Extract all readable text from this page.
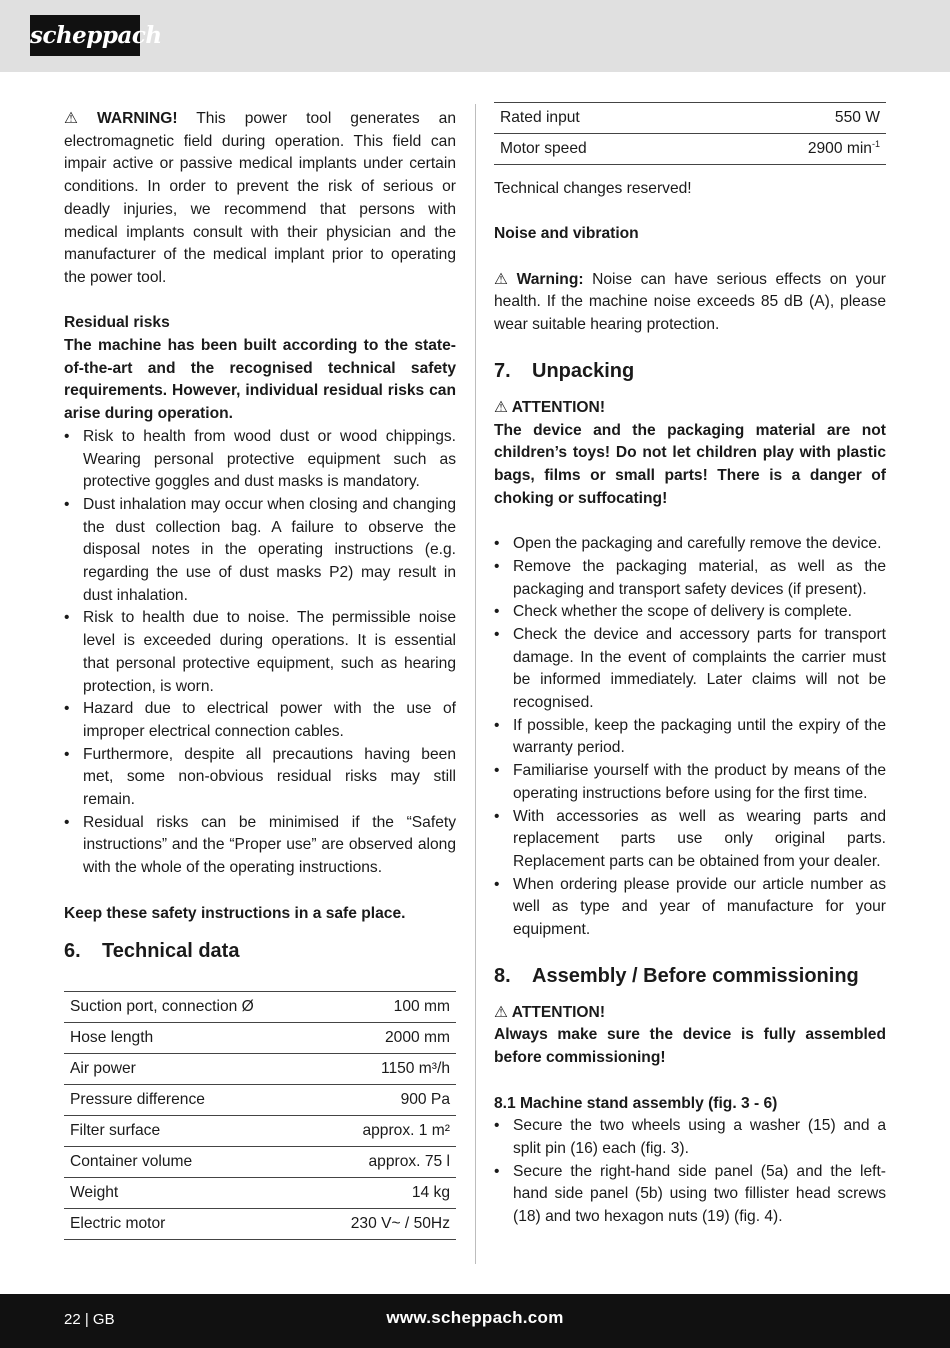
scheppach

⚠ WARNING! This power tool generates an electromagnetic field during operation. This field can impair active or passive medical implants under certain conditions. In order to prevent the risk of serious or deadly injuries, we recommend that persons with medical implants consult with their physician and the manufacturer of the medical implant prior to operating the power tool.

Residual risks

The machine has been built according to the state-of-the-art and the recognised technical safety requirements. However, individual residual risks can arise during operation.

• Risk to health from wood dust or wood chippings. Wearing personal protective equipment such as protective goggles and dust masks is mandatory.
• Dust inhalation may occur when closing and changing the dust collection bag. A failure to observe the disposal notes in the operating instructions (e.g. regarding the use of dust masks P2) may result in dust inhalation.
• Risk to health due to noise. The permissible noise level is exceeded during operations. It is essential that personal protective equipment, such as hearing protection, is worn.
• Hazard due to electrical power with the use of improper electrical connection cables.
• Furthermore, despite all precautions having been met, some non-obvious residual risks may still remain.
• Residual risks can be minimised if the “Safety instructions” and the “Proper use” are observed along with the whole of the operating instructions.

Keep these safety instructions in a safe place.

6. Technical data
Suction port, connection Ø	100 mm
Hose length	2000 mm
Air power	1150 m³/h
Pressure difference	900 Pa
Filter surface	approx. 1 m²
Container volume	approx. 75 l
Weight	14 kg
Electric motor	230 V~ / 50Hz
Rated input	550 W
Motor speed	2900 $\min^{-1}$

Technical changes reserved!

Noise and vibration

⚠ Warning: Noise can have serious effects on your health. If the machine noise exceeds 85 dB (A), please wear suitable hearing protection.

7. Unpacking

⚠ ATTENTION!

The device and the packaging material are not children’s toys! Do not let children play with plastic bags, films or small parts! There is a danger of choking or suffocating!

• Open the packaging and carefully remove the device.
• Remove the packaging material, as well as the packaging and transport safety devices (if present).
• Check whether the scope of delivery is complete.
• Check the device and accessory parts for transport damage. In the event of complaints the carrier must be informed immediately. Later claims will not be recognised.
• If possible, keep the packaging until the expiry of the warranty period.
• Familiarise yourself with the product by means of the operating instructions before using for the first time.
• With accessories as well as wearing parts and replacement parts use only original parts. Replacement parts can be obtained from your dealer.
• When ordering please provide our article number as well as type and year of manufacture for your equipment.
8. Assembly / Before commissioning

⚠ ATTENTION!

Always make sure the device is fully assembled before commissioning!

8.1 Machine stand assembly (fig. 3 - 6)

• Secure the two wheels using a washer (15) and a split pin (16) each (fig. 3).
• Secure the right-hand side panel (5a) and the left-hand side panel (5b) using two fillister head screws (18) and two hexagon nuts (19) (fig. 4).
22 | GB	www.scheppach.com
